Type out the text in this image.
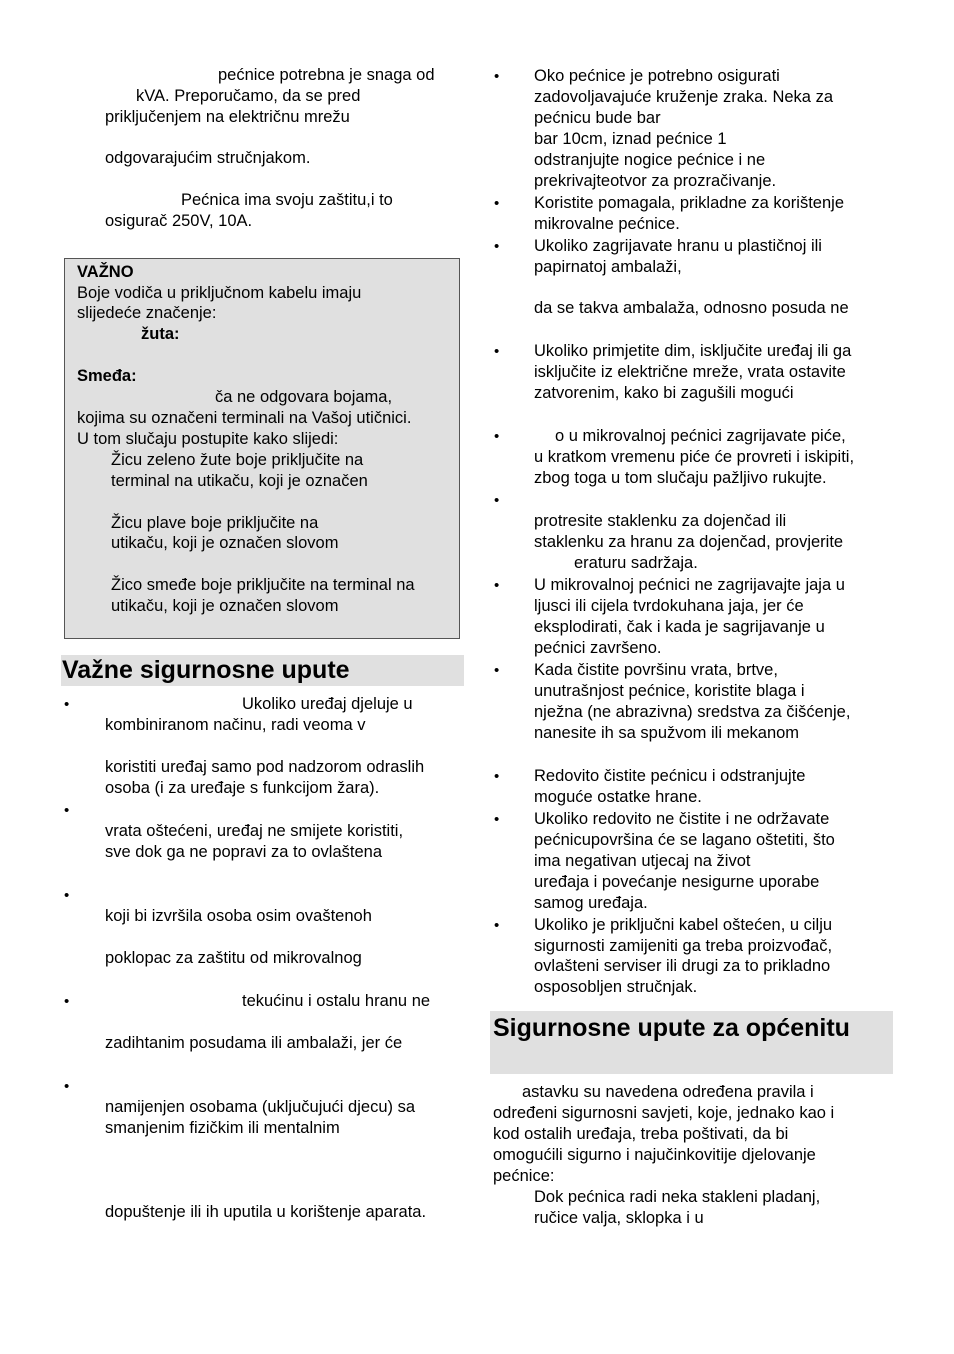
pećnice potrebna je snaga od
kVA. Preporučamo, da se pred
priključenjem na električnu mrežu
odgovarajućim stručnjakom.
Pećnica ima svoju zaštitu,i to
osigurač 250V, 10A.
VAŽNO
Boje vodiča u priključnom kabelu imaju
slijedeće značenje:
žuta:
Smeđa:
ča ne odgovara bojama,
kojima su označeni terminali na Vašoj utičnici.
U tom slučaju postupite kako slijedi:
Žicu zeleno žute boje priključite na
terminal na utikaču, koji je označen
Žicu plave boje priključite na
utikaču, koji je označen slovom
Žico smeđe boje priključite na terminal na
utikaču, koji je označen slovom
Važne sigurnosne upute
•	Ukoliko uređaj djeluje u
kombiniranom načinu, radi veoma v
koristiti uređaj samo pod nadzorom odraslih
osoba (i za uređaje s funkcijom žara).
•
vrata oštećeni, uređaj ne smijete koristiti,
sve dok ga ne popravi za to ovlaštena
•
koji bi izvršila osoba osim ovaštenoh
poklopac za zaštitu od mikrovalnog
•	tekućinu i ostalu hranu ne
zadihtanim posudama ili ambalaži, jer će
•
namijenjen osobama (uključujući djecu) sa
smanjenim fizičkim ili mentalnim
dopuštenje ili ih uputila u korištenje aparata.
• Oko pećnice je potrebno osigurati
zadovoljavajuće kruženje zraka. Neka za
pećnicu bude bar
bar 10cm, iznad pećnice 1
odstranjujte nogice pećnice i ne
prekrivajteotvor za prozračivanje.
• Koristite pomagala, prikladne za korištenje
mikrovalne pećnice.
• Ukoliko zagrijavate hranu u plastičnoj ili
papirnatoj ambalaži,
da se takva ambalaža, odnosno posuda ne
• Ukoliko primjetite dim, isključite uređaj ili ga
isključite iz električne mreže, vrata ostavite
zatvorenim, kako bi zagušili mogući
•	o u mikrovalnoj pećnici zagrijavate piće,
u kratkom vremenu piće će provreti i iskipiti,
zbog toga u tom slučaju pažljivo rukujte.
•
protresite staklenku za dojenčad ili
staklenku za hranu za dojenčad, provjerite
eraturu sadržaja.
• U mikrovalnoj pećnici ne zagrijavajte jaja u
ljusci ili cijela tvrdokuhana jaja, jer će
eksplodirati, čak i kada je sagrijavanje u
pećnici završeno.
• Kada čistite površinu vrata, brtve,
unutrašnjost pećnice, koristite blaga i
nježna (ne abrazivna) sredstva za čišćenje,
nanesite ih sa spužvom ili mekanom
• Redovito čistite pećnicu i odstranjujte
moguće ostatke hrane.
• Ukoliko redovito ne čistite i ne održavate
pećnicupovršina će se lagano oštetiti, što
ima negativan utjecaj na život
uređaja i povećanje nesigurne uporabe
samog uređaja.
• Ukoliko je priključni kabel oštećen, u cilju
sigurnosti zamijeniti ga treba proizvođač,
ovlašteni serviser ili drugi za to prikladno
osposobljen stručnjak.
Sigurnosne upute za općenitu
astavku su navedena određena pravila i
određeni sigurnosni savjeti, koje, jednako kao i
kod ostalih uređaja, treba poštivati, da bi
omogućili sigurno i najučinkovitije djelovanje
pećnice:
Dok pećnica radi neka stakleni pladanj,
ručice valja, sklopka i u
